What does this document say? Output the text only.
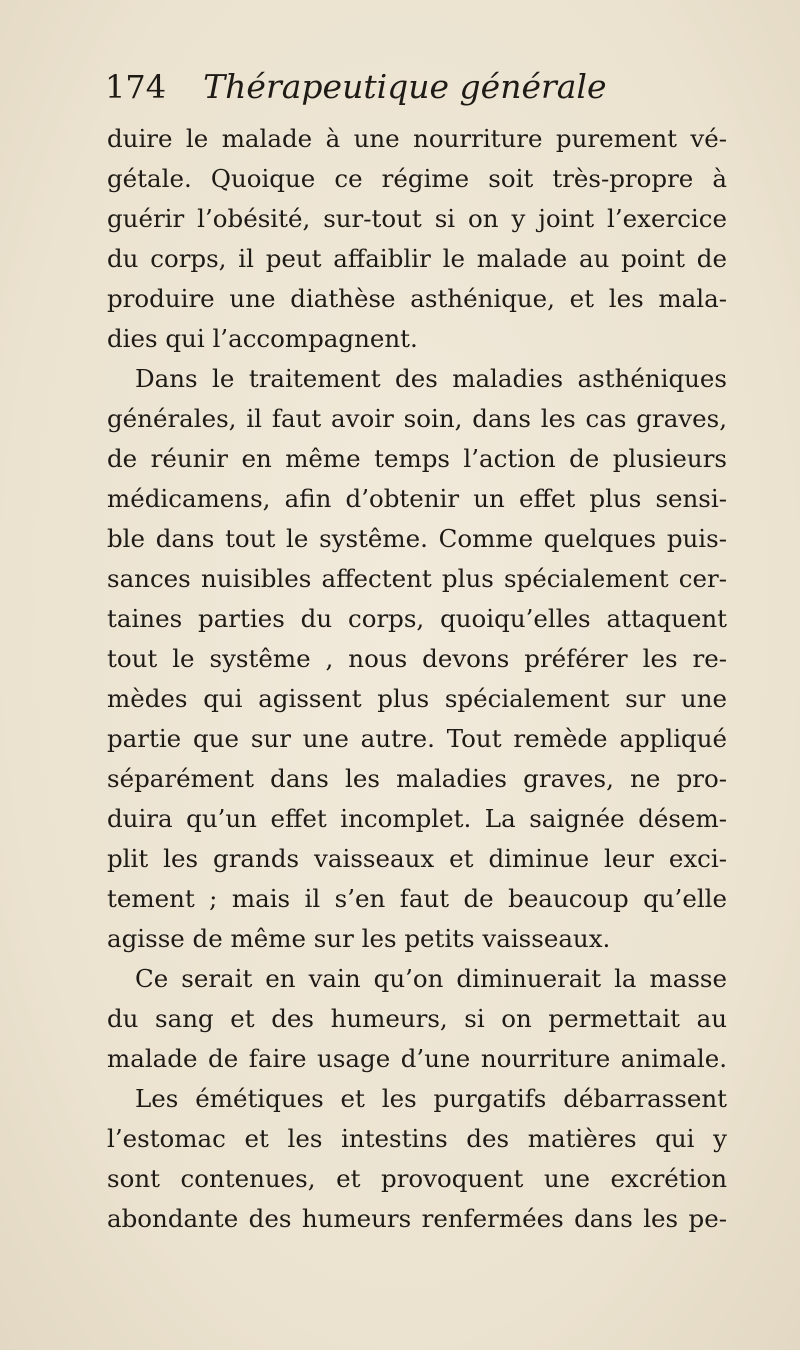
174 Thérapeutique générale
duire le malade à une nourriture purement vé-
gétale. Quoique ce régime soit très-propre à
guérir l’obésité, sur-tout si on y joint l’exercice
du corps, il peut affaiblir le malade au point de
produire une diathèse asthénique, et les mala-
dies qui l’accompagnent.
Dans le traitement des maladies asthéniques
générales, il faut avoir soin, dans les cas graves,
de réunir en même temps l’action de plusieurs
médicamens, afin d’obtenir un effet plus sensi-
ble dans tout le systême. Comme quelques puis-
sances nuisibles affectent plus spécialement cer-
taines parties du corps, quoiqu’elles attaquent
tout le systême , nous devons préférer les re-
mèdes qui agissent plus spécialement sur une
partie que sur une autre. Tout remède appliqué
séparément dans les maladies graves, ne pro-
duira qu’un effet incomplet. La saignée désem-
plit les grands vaisseaux et diminue leur exci-
tement ; mais il s’en faut de beaucoup qu’elle
agisse de même sur les petits vaisseaux.
Ce serait en vain qu’on diminuerait la masse
du sang et des humeurs, si on permettait au
malade de faire usage d’une nourriture animale.
Les émétiques et les purgatifs débarrassent
l’estomac et les intestins des matières qui y
sont contenues, et provoquent une excrétion
abondante des humeurs renfermées dans les pe-
